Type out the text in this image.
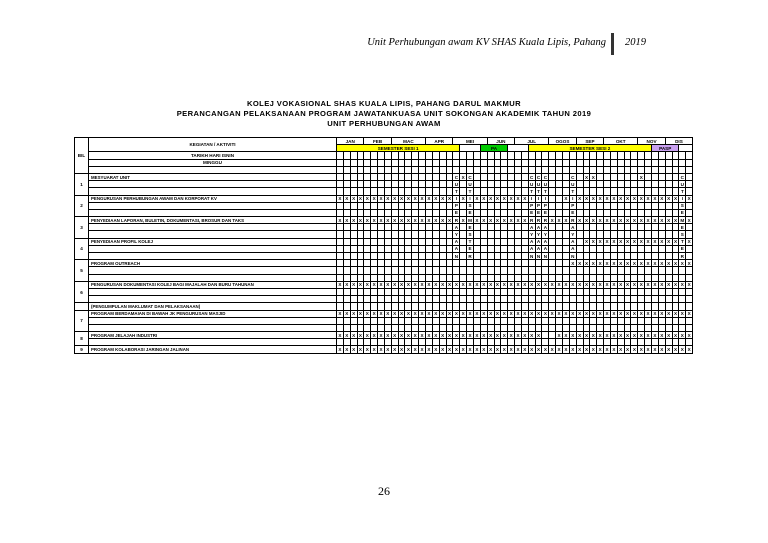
Unit Perhubungan awam KV SHAS Kuala Lipis, Pahang 2019
KOLEJ VOKASIONAL SHAS KUALA LIPIS, PAHANG DARUL MAKMUR
PERANCANGAN PELAKSANAAN PROGRAM JAWATANKUASA UNIT SOKONGAN AKADEMIK TAHUN 2019
UNIT PERHUBUNGAN AWAM
BIL	KEGIATAN / AKTIVITI	JAN				FEB				MAC					APR				MEI					JUN				JUL					OGOS				SEP				OKT					NOV				DIS			
		SEMESTER SESI 1																					PA							SEMESTER SESI 2																		PASP					
	TARIKH HARI ISNIN																																																				
	MINGGU																																																				

1	MESYUARAT UNIT																		C	X	C									C	C	C				C		X	X							X						C	
																			U		U									U	U	U				U																U	
																			T		T									T	T	T				T																T	
2	PENGURUSAN PERHUBUNGAN AWAM DAN KORPORAT KV	X	X	X	X	X	X	X	X	X	X	X	X	X	X	X	X	X	I	X	I	X	X	X	X	X	X	X	X	I	I	I			X	I	X	X	X	X	X	X	X	X	X	X	X	X	X	X	X	I	X
																			P		S									P	P	P				P																S	
																			E		E									E	E	E				E																E	
3	PENYEDIAAN LAPORAN, BULETIN, DOKUMENTASI, BROSUR DAN TAKS	X	X	X	X	X	X	X	X	X	X	X	X	X	X	X	X	X	R	X	M	X	X	X	X	X	X	X	X	R	R	R	X	X	X	R	X	X	X	X	X	X	X	X	X	X	X	X	X	X	X	M	X
																			A		E									A	A	A				A																E	
																			Y		S									Y	Y	Y				Y																S	
4	PENYEDIAAN PROFIL KOLEJ																		A		T									A	A	A				A		X	X	X	X	X	X	X	X	X	X	X	X	X	X	T	X
																			A		E									A	A	A				A																E	
																			N		R									N	N	N				N																R	
5	PROGRAM OUTREACH																																			X	X	X	X	X	X	X	X	X	X	X	X	X	X	X	X	X	X

6	PENGURUSAN DOKUMENTASI KOLEJ BAGI MAJALAH DAN BURU TAHUNAN	X	X	X	X	X	X	X	X	X	X	X	X	X	X	X	X	X	X	X	X	X	X	X	X	X	X	X	X	X	X	X	X	X	X	X	X	X	X	X	X	X	X	X	X	X	X	X	X	X	X	X	X

	(PENGUMPULAN MAKLUMAT DAN PELAKSANAAN)																																																				
7	PROGRAM BERDAMAIAN DI BAWAH JK PENGURUSAN MASJID	X	X	X	X	X	X	X	X	X	X	X	X	X	X	X	X	X	X	X	X	X	X	X	X	X	X	X	X	X	X	X	X	X	X	X	X	X	X	X	X	X	X	X	X	X	X	X	X	X	X	X	X

8	PROGRAM JELAJAH INDUSTRI	X	X	X	X	X	X	X	X	X	X	X	X	X	X	X	X	X	X	X	X	X	X	X	X	X	X	X	X	X	X			X	X	X	X	X	X	X	X	X	X	X	X	X	X	X	X	X	X	X	X

9	PROGRAM KOLABORASI JARINGAN JALINAN	X	X	X	X	X	X	X	X	X	X	X	X	X	X	X	X	X	X	X	X	X	X	X	X	X	X	X	X	X	X	X	X	X	X	X	X	X	X	X	X	X	X	X	X	X	X	X	X	X	X	X	X
26
